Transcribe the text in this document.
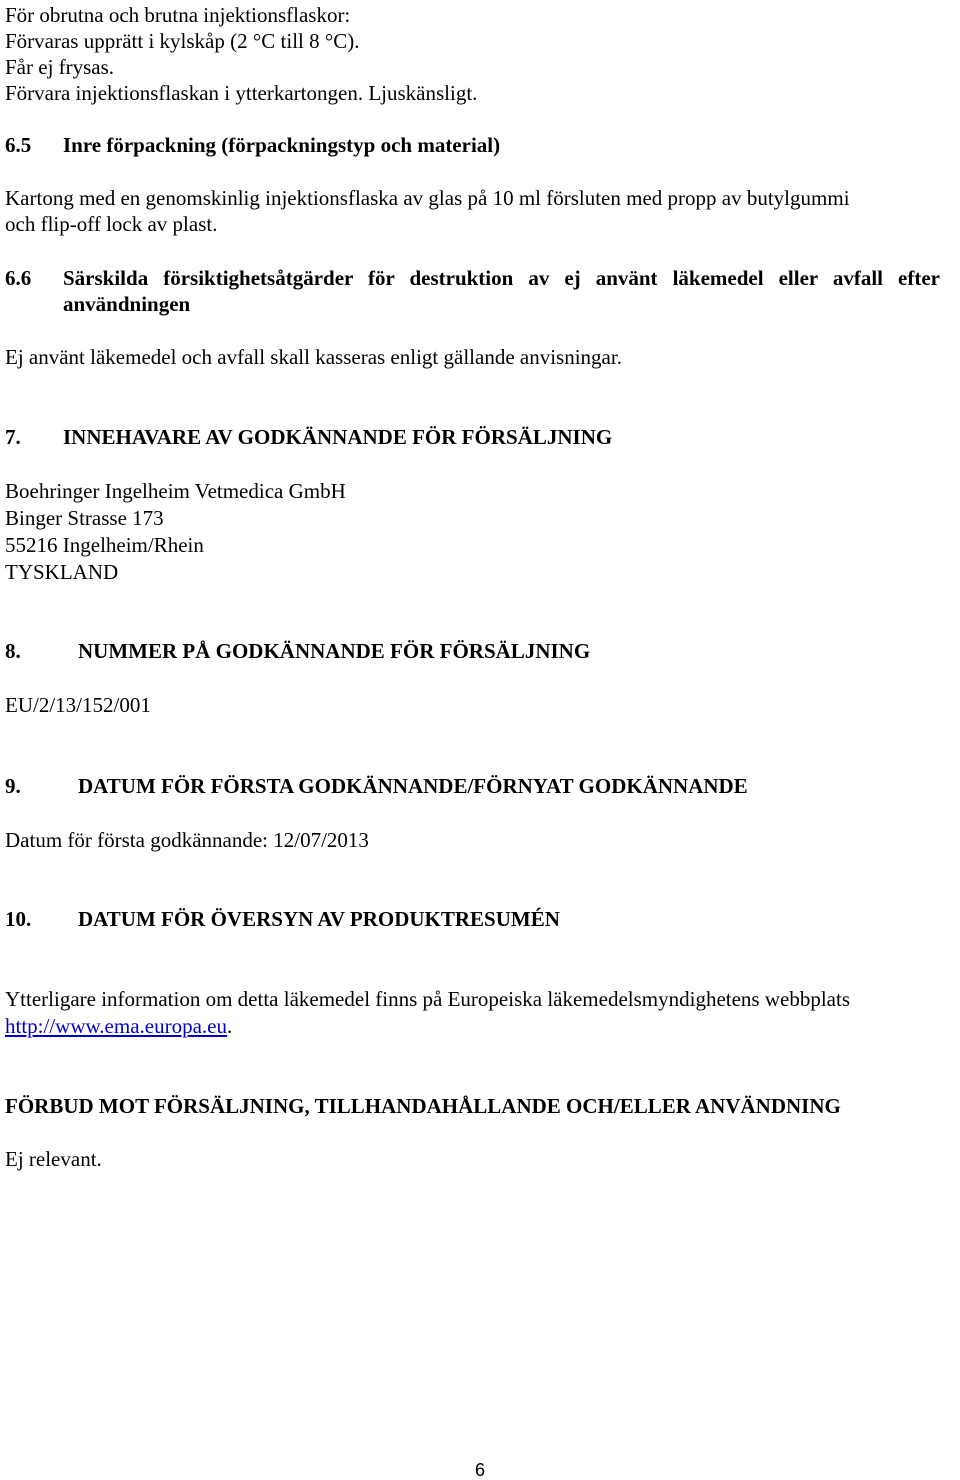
För obrutna och brutna injektionsflaskor:

Förvaras upprätt i kylskåp (2 °C till 8 °C).

Får ej frysas.

Förvara injektionsflaskan i ytterkartongen. Ljuskänsligt.

6.5	Inre förpackning (förpackningstyp och material)

Kartong med en genomskinlig injektionsflaska av glas på 10 ml försluten med propp av butylgummi

och flip-off lock av plast.

6.6	Särskilda försiktighetsåtgärder för destruktion av ej använt läkemedel eller avfall efter
användningen

Ej använt läkemedel och avfall skall kasseras enligt gällande anvisningar.

7.	INNEHAVARE AV GODKÄNNANDE FÖR FÖRSÄLJNING

Boehringer Ingelheim Vetmedica GmbH

Binger Strasse 173

55216 Ingelheim/Rhein

TYSKLAND

8.	NUMMER PÅ GODKÄNNANDE FÖR FÖRSÄLJNING

EU/2/13/152/001

9.	DATUM FÖR FÖRSTA GODKÄNNANDE/FÖRNYAT GODKÄNNANDE

Datum för första godkännande: 12/07/2013

10.	DATUM FÖR ÖVERSYN AV PRODUKTRESUMÉN

Ytterligare information om detta läkemedel finns på Europeiska läkemedelsmyndighetens webbplats

http://www.ema.europa.eu.

FÖRBUD MOT FÖRSÄLJNING, TILLHANDAHÅLLANDE OCH/ELLER ANVÄNDNING

Ej relevant.

6
